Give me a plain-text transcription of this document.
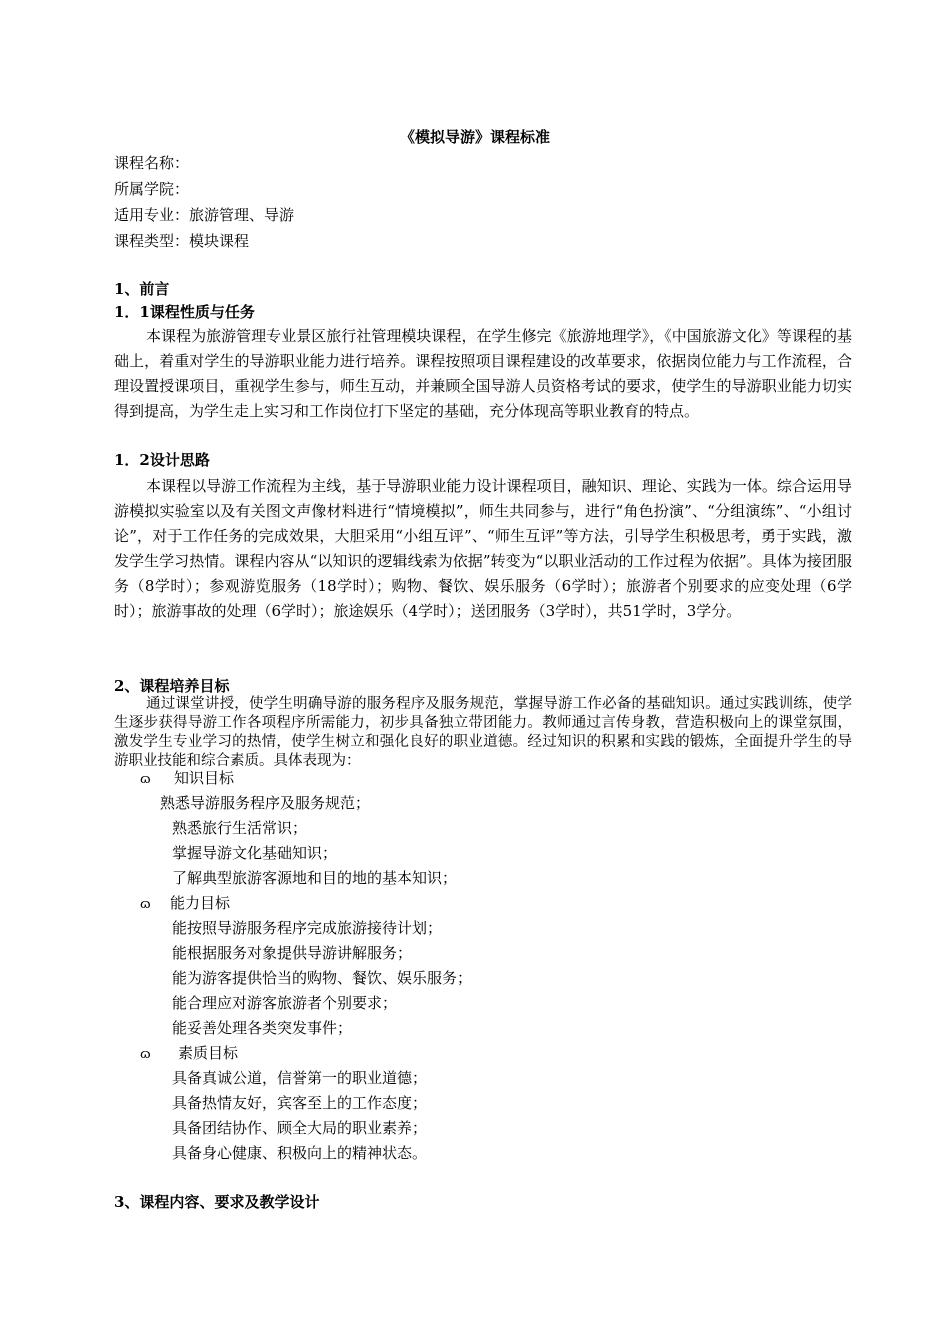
《模拟导游》课程标准
课程名称：
所属学院：
适用专业：旅游管理、导游
课程类型：模块课程
1、前言
1．1课程性质与任务
本课程为旅游管理专业景区旅行社管理模块课程，在学生修完《旅游地理学》，《中国旅游文化》等课程的基础上，着重对学生的导游职业能力进行培养。课程按照项目课程建设的改革要求，依据岗位能力与工作流程，合理设置授课项目，重视学生参与，师生互动，并兼顾全国导游人员资格考试的要求，使学生的导游职业能力切实得到提高，为学生走上实习和工作岗位打下坚定的基础，充分体现高等职业教育的特点。
1．2设计思路
本课程以导游工作流程为主线，基于导游职业能力设计课程项目，融知识、理论、实践为一体。综合运用导游模拟实验室以及有关图文声像材料进行“情境模拟”，师生共同参与，进行“角色扮演”、“分组演练”、“小组讨论”，对于工作任务的完成效果，大胆采用“小组互评”、“师生互评”等方法，引导学生积极思考，勇于实践，激发学生学习热情。课程内容从“以知识的逻辑线索为依据”转变为“以职业活动的工作过程为依据”。具体为接团服务（8学时）；参观游览服务（18学时）；购物、餐饮、娱乐服务（6学时）；旅游者个别要求的应变处理（6学时）；旅游事故的处理（6学时）；旅途娱乐（4学时）；送团服务（3学时），共51学时，3学分。
2、课程培养目标
通过课堂讲授，使学生明确导游的服务程序及服务规范，掌握导游工作必备的基础知识。通过实践训练，使学生逐步获得导游工作各项程序所需能力，初步具备独立带团能力。教师通过言传身教，营造积极向上的课堂氛围，激发学生专业学习的热情，使学生树立和强化良好的职业道德。经过知识的积累和实践的锻炼，全面提升学生的导游职业技能和综合素质。具体表现为：
ɷ 知识目标
熟悉导游服务程序及服务规范；
熟悉旅行生活常识；
掌握导游文化基础知识；
了解典型旅游客源地和目的地的基本知识；
ɷ 能力目标
能按照导游服务程序完成旅游接待计划；
能根据服务对象提供导游讲解服务；
能为游客提供恰当的购物、餐饮、娱乐服务；
能合理应对游客旅游者个别要求；
能妥善处理各类突发事件；
ɷ 素质目标
具备真诚公道，信誉第一的职业道德；
具备热情友好，宾客至上的工作态度；
具备团结协作、顾全大局的职业素养；
具备身心健康、积极向上的精神状态。
3、课程内容、要求及教学设计
